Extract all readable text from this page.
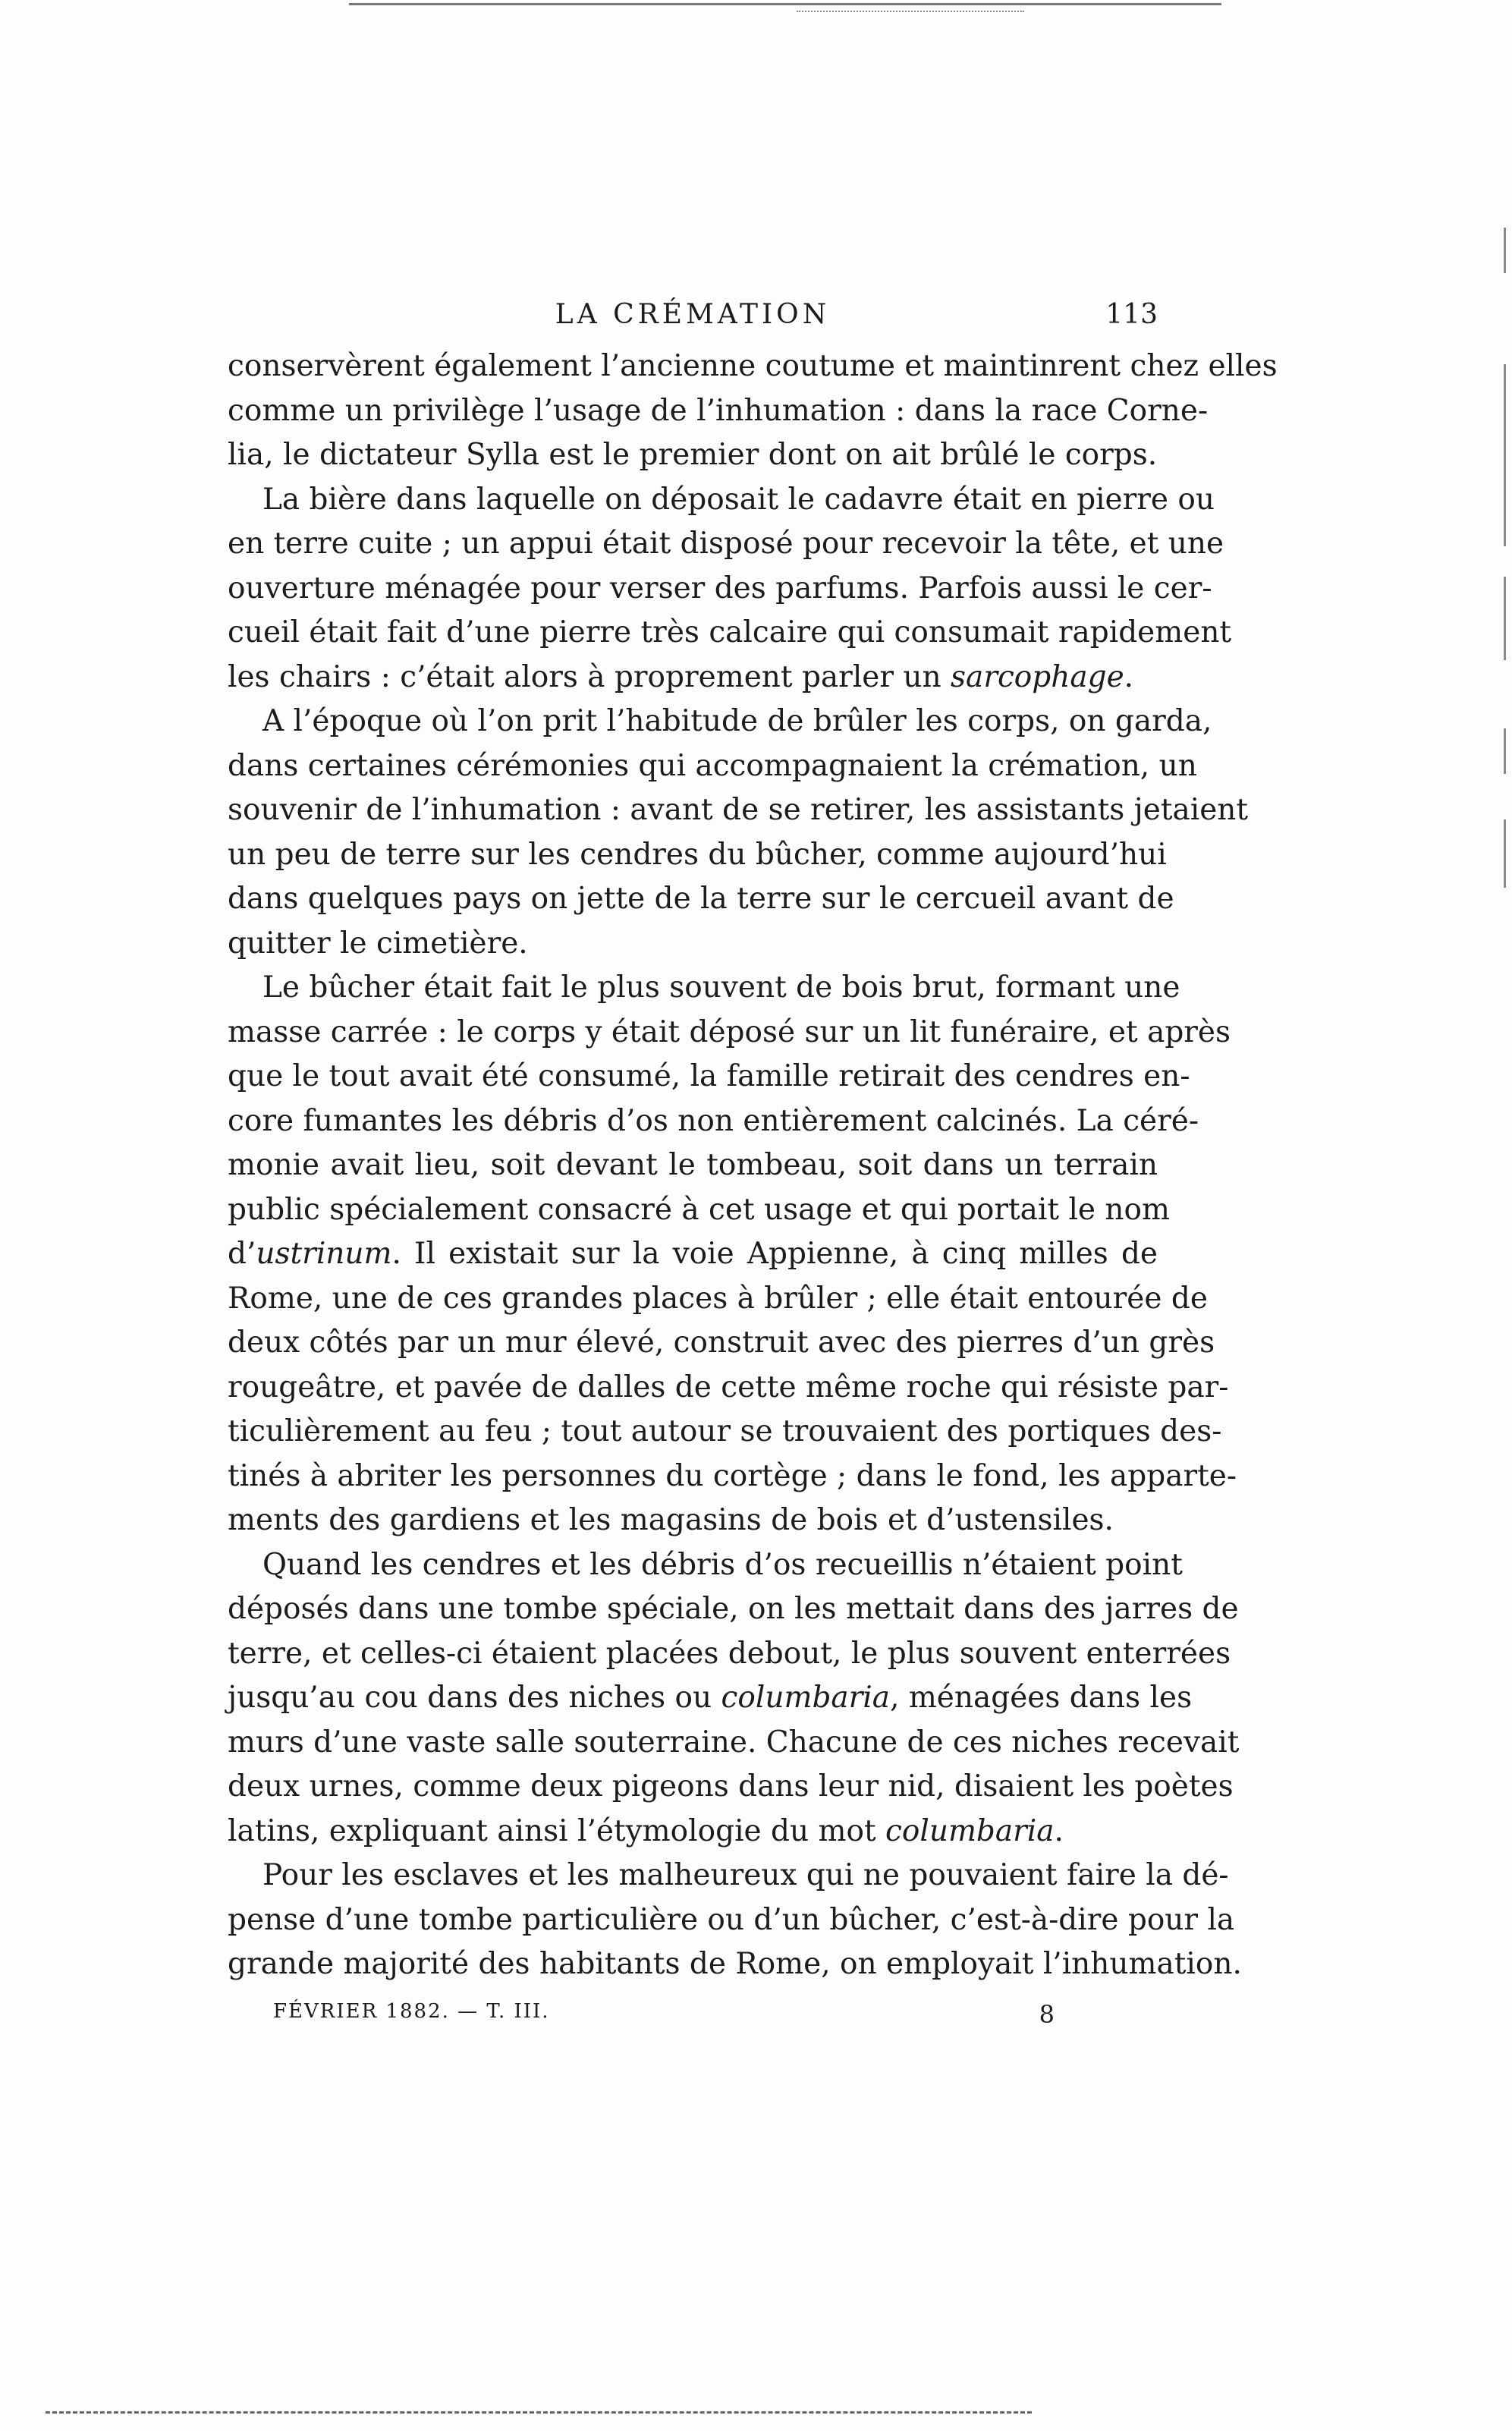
LA CRÉMATION	113
conservèrent également l’ancienne coutume et maintinrent chez elles
comme un privilège l’usage de l’inhumation : dans la race Corne-
lia, le dictateur Sylla est le premier dont on ait brûlé le corps.
La bière dans laquelle on déposait le cadavre était en pierre ou
en terre cuite ; un appui était disposé pour recevoir la tête, et une
ouverture ménagée pour verser des parfums. Parfois aussi le cer-
cueil était fait d’une pierre très calcaire qui consumait rapidement
les chairs : c’était alors à proprement parler un sarcophage.
A l’époque où l’on prit l’habitude de brûler les corps, on garda,
dans certaines cérémonies qui accompagnaient la crémation, un
souvenir de l’inhumation : avant de se retirer, les assistants jetaient
un peu de terre sur les cendres du bûcher, comme aujourd’hui
dans quelques pays on jette de la terre sur le cercueil avant de
quitter le cimetière.
Le bûcher était fait le plus souvent de bois brut, formant une
masse carrée : le corps y était déposé sur un lit funéraire, et après
que le tout avait été consumé, la famille retirait des cendres en-
core fumantes les débris d’os non entièrement calcinés. La céré-
monie avait lieu, soit devant le tombeau, soit dans un terrain
public spécialement consacré à cet usage et qui portait le nom
d’ustrinum. Il existait sur la voie Appienne, à cinq milles de
Rome, une de ces grandes places à brûler ; elle était entourée de
deux côtés par un mur élevé, construit avec des pierres d’un grès
rougeâtre, et pavée de dalles de cette même roche qui résiste par-
ticulièrement au feu ; tout autour se trouvaient des portiques des-
tinés à abriter les personnes du cortège ; dans le fond, les apparte-
ments des gardiens et les magasins de bois et d’ustensiles.
Quand les cendres et les débris d’os recueillis n’étaient point
déposés dans une tombe spéciale, on les mettait dans des jarres de
terre, et celles-ci étaient placées debout, le plus souvent enterrées
jusqu’au cou dans des niches ou columbaria, ménagées dans les
murs d’une vaste salle souterraine. Chacune de ces niches recevait
deux urnes, comme deux pigeons dans leur nid, disaient les poètes
latins, expliquant ainsi l’étymologie du mot columbaria.
Pour les esclaves et les malheureux qui ne pouvaient faire la dé-
pense d’une tombe particulière ou d’un bûcher, c’est-à-dire pour la
grande majorité des habitants de Rome, on employait l’inhumation.
FÉVRIER 1882. — T. III.	8
